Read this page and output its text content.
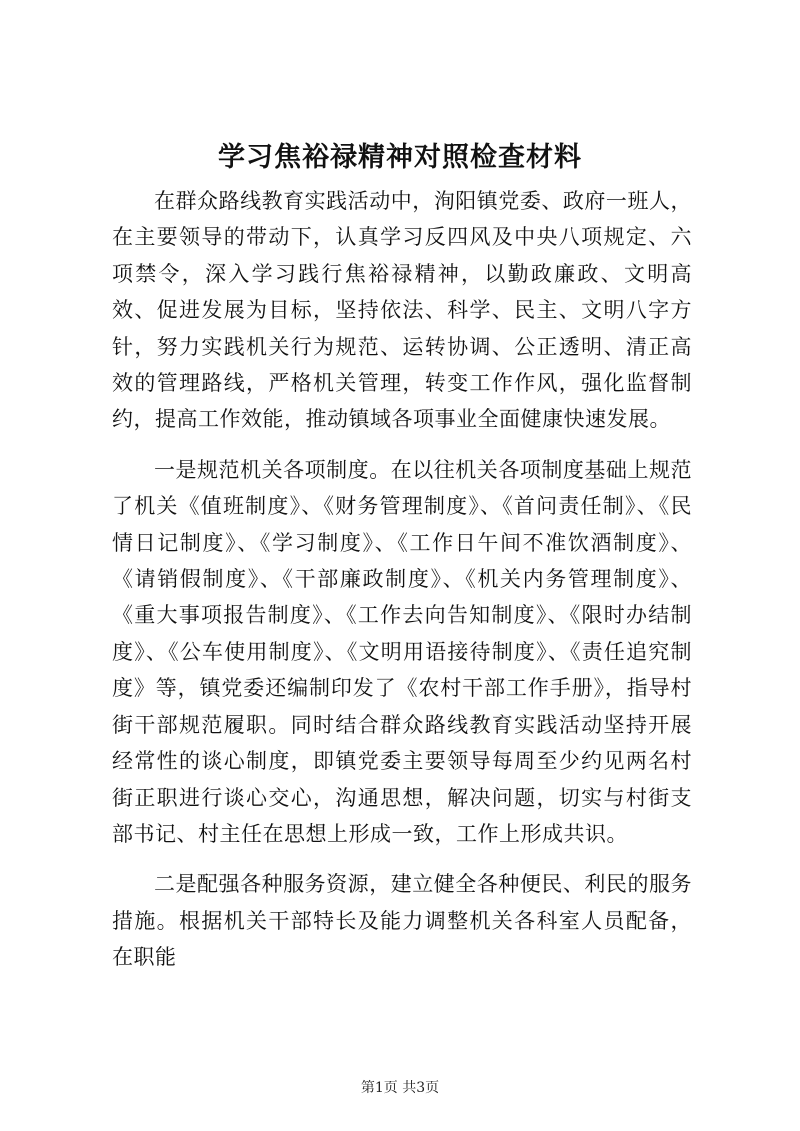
学习焦裕禄精神对照检查材料

在群众路线教育实践活动中，洵阳镇党委、政府一班人，在主要领导的带动下，认真学习反四风及中央八项规定、六项禁令，深入学习践行焦裕禄精神，以勤政廉政、文明高效、促进发展为目标，坚持依法、科学、民主、文明八字方针，努力实践机关行为规范、运转协调、公正透明、清正高效的管理路线，严格机关管理，转变工作作风，强化监督制约，提高工作效能，推动镇域各项事业全面健康快速发展。

一是规范机关各项制度。在以往机关各项制度基础上规范了机关《值班制度》、《财务管理制度》、《首问责任制》、《民情日记制度》、《学习制度》、《工作日午间不准饮酒制度》、《请销假制度》、《干部廉政制度》、《机关内务管理制度》、《重大事项报告制度》、《工作去向告知制度》、《限时办结制度》、《公车使用制度》、《文明用语接待制度》、《责任追究制度》等，镇党委还编制印发了《农村干部工作手册》，指导村街干部规范履职。同时结合群众路线教育实践活动坚持开展经常性的谈心制度，即镇党委主要领导每周至少约见两名村街正职进行谈心交心，沟通思想，解决问题，切实与村街支部书记、村主任在思想上形成一致，工作上形成共识。

二是配强各种服务资源，建立健全各种便民、利民的服务措施。根据机关干部特长及能力调整机关各科室人员配备，在职能

第1页 共3页
